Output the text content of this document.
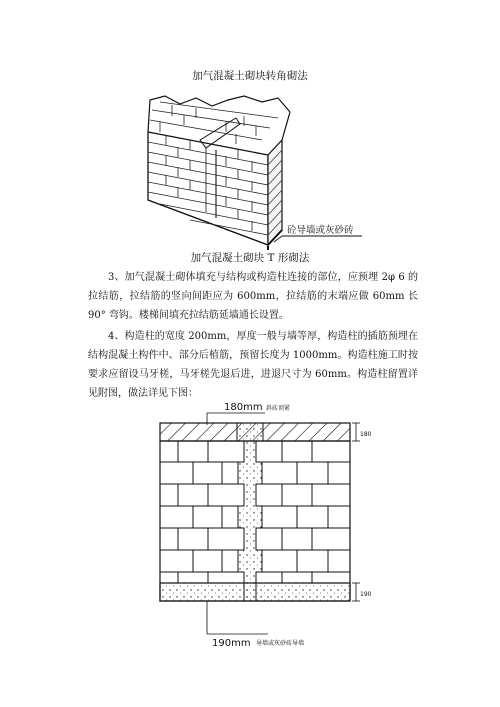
加气混凝土砌块转角砌法
砼导墙或灰砂砖
加气混凝土砌块 T 形砌法
3、加气混凝土砌体填充与结构或构造柱连接的部位，应预埋 2φ 6 的拉结筋，拉结筋的竖向间距应为 600mm，拉结筋的末端应做 60mm 长 90° 弯钩。楼梯间填充拉结筋延墙通长设置。
4、构造柱的宽度 200mm，厚度一般与墙等厚，构造柱的插筋预埋在结构混凝土构件中、部分后植筋，预留长度为 1000mm。构造柱施工时按要求应留设马牙槎，马牙槎先退后进，进退尺寸为 60mm。构造柱留置详见附图，做法详见下图：
180mm 斜砖顶紧
180
190
190mm 导墙或灰砂砖导墙
